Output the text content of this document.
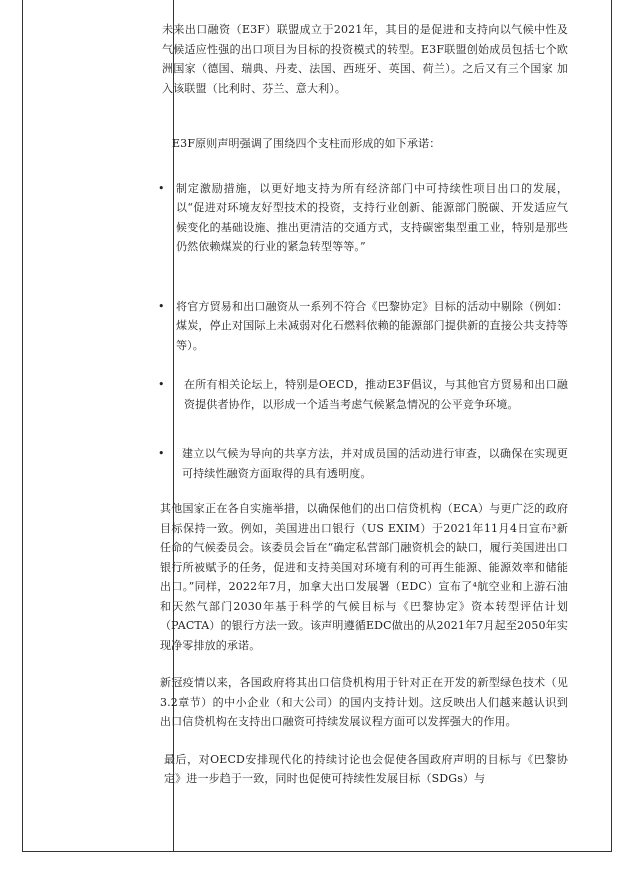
未来出口融资（E3F）联盟成立于2021年，其目的是促进和支持向以气候中性及气候适应性强的出口项目为目标的投资模式的转型。E3F联盟创始成员包括七个欧洲国家（德国、瑞典、丹麦、法国、西班牙、英国、荷兰）。之后又有三个国家 加入该联盟（比利时、芬兰、意大利）。

E3F原则声明强调了围绕四个支柱而形成的如下承诺：

• 制定激励措施，以更好地支持为所有经济部门中可持续性项目出口的发展，以“促进对环境友好型技术的投资，支持行业创新、能源部门脱碳、开发适应气候变化的基础设施、推出更清洁的交通方式，支持碳密集型重工业，特别是那些仍然依赖煤炭的行业的紧急转型等等。”
• 将官方贸易和出口融资从一系列不符合《巴黎协定》目标的活动中剔除（例如：煤炭，停止对国际上未减弱对化石燃料依赖的能源部门提供新的直接公共支持等等）。
• 在所有相关论坛上，特别是OECD，推动E3F倡议，与其他官方贸易和出口融资提供者协作，以形成一个适当考虑气候紧急情况的公平竞争环境。
• 建立以气候为导向的共享方法，并对成员国的活动进行审查，以确保在实现更可持续性融资方面取得的具有透明度。

其他国家正在各自实施举措，以确保他们的出口信贷机构（ECA）与更广泛的政府目标保持一致。例如，美国进出口银行（US EXIM）于2021年11月4日宣布³新任命的气候委员会。该委员会旨在“确定私营部门融资机会的缺口，履行美国进出口银行所被赋予的任务，促进和支持美国对环境有利的可再生能源、能源效率和储能出口。”同样，2022年7月，加拿大出口发展署（EDC）宣布了⁴航空业和上游石油和天然气部门2030年基于科学的气候目标与《巴黎协定》资本转型评估计划（PACTA）的银行方法一致。该声明遵循EDC做出的从2021年7月起至2050年实现净零排放的承诺。

新冠疫情以来，各国政府将其出口信贷机构用于针对正在开发的新型绿色技术（见3.2章节）的中小企业（和大公司）的国内支持计划。这反映出人们越来越认识到出口信贷机构在支持出口融资可持续发展议程方面可以发挥强大的作用。

最后，对OECD安排现代化的持续讨论也会促使各国政府声明的目标与《巴黎协定》进一步趋于一致，同时也促使可持续性发展目标（SDGs）与
